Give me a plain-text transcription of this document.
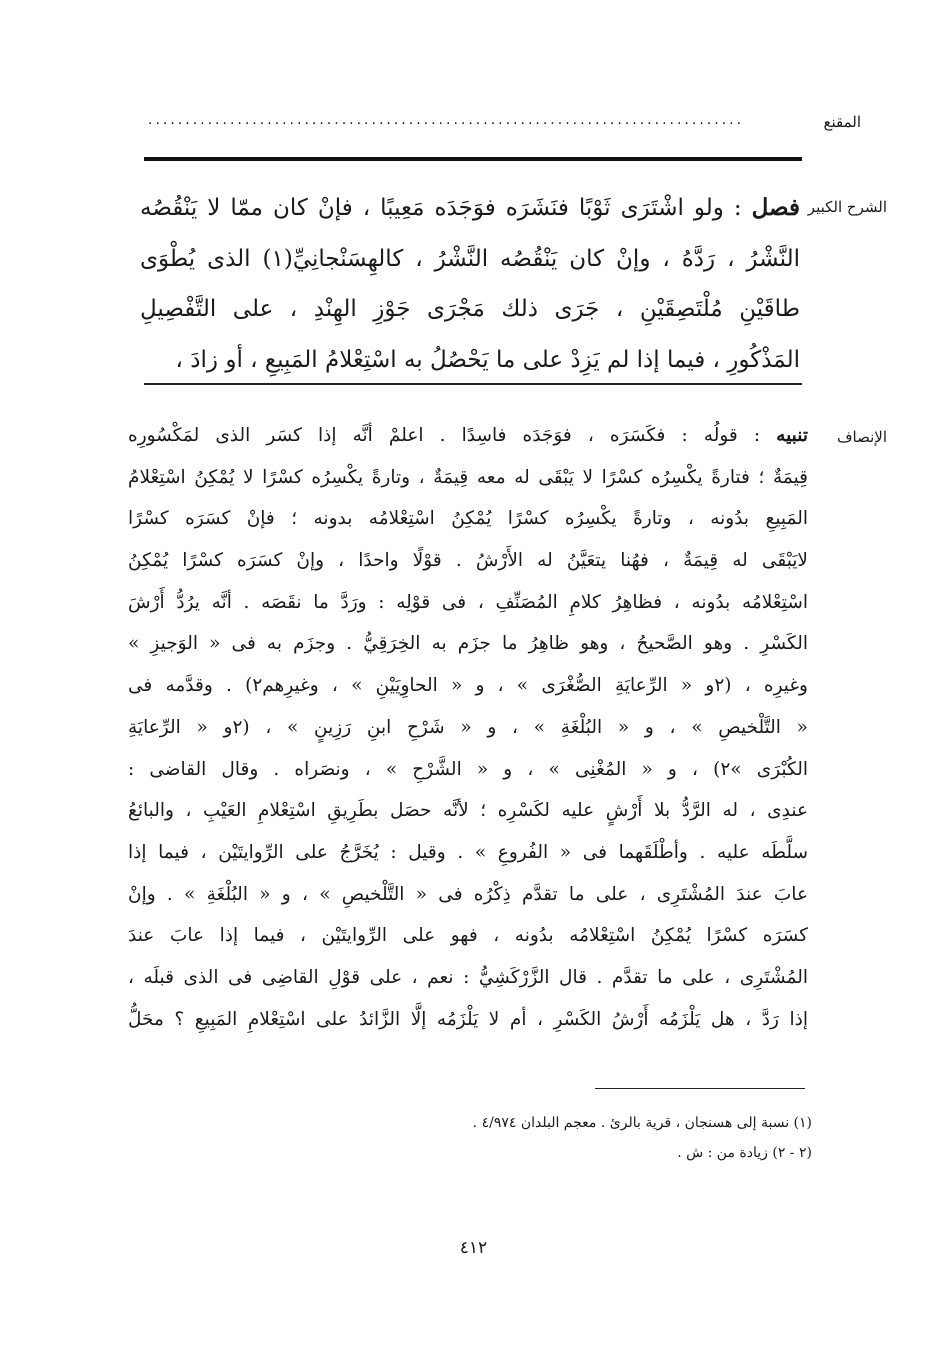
المقنع
................................................................................
الشرح الكبير
فصل : ولو اشْتَرَى ثَوْبًا فنَشَرَه فوَجَدَه مَعِيبًا ، فإنْ كان ممّا لا يَنْقُصُه
النَّشْرُ ، رَدَّهُ ، وإنْ كان يَنْقُصُه النَّشْرُ ، كالهِسَنْجانِيِّ(١) الذى يُطْوَى
طاقَيْنِ مُلْتَصِقَيْنِ ، جَرَى ذلك مَجْرَى جَوْزِ الهِنْدِ ، على التَّفْصِيلِ
المَذْكُورِ ، فيما إذا لم يَزِدْ على ما يَحْصُلُ به اسْتِعْلامُ المَبِيعِ ، أو زادَ ،
الإنصاف
تنبيه : قولُه : فكَسَرَه ، فوَجَدَه فاسِدًا . اعلمْ أنَّه إذا كسَر الذى لمَكْسُورِه
قِيمَةٌ ؛ فتارةً يكْسِرُه كسْرًا لا يَبْقَى له معه قِيمَةٌ ، وتارةً يكْسِرُه كسْرًا لا يُمْكِنُ اسْتِعْلامُ
المَبِيعِ بدُونه ، وتارةً يكْسِرُه كسْرًا يُمْكِنُ اسْتِعْلامُه بدونه ؛ فإنْ كسَرَه كسْرًا
لايَبْقَى له قِيمَةٌ ، فهُنا يتعَيَّنُ له الأَرْشُ . قوْلًا واحدًا ، وإنْ كسَرَه كسْرًا يُمْكِنُ
اسْتِعْلامُه بدُونه ، فظاهِرُ كلامِ المُصَنِّفِ ، فى قوْلِه : ورَدَّ ما نقَصَه . أنَّه يرُدُّ أَرْشَ
الكَسْرِ . وهو الصَّحيحُ ، وهو ظاهِرُ ما جزَم به الخِرَقِيُّ . وجزَم به فى « الوَجيزِ »
وغيرِه ، (٢و « الرِّعايَةِ الصُّغْرَى » ، و « الحاوِيَيْنِ » ، وغيرِهم٢) . وقدَّمه فى
« التَّلْخيصِ » ، و « البُلْغَةِ » ، و « شَرْحِ ابنِ رَزِينٍ » ، (٢و « الرِّعايَةِ
الكُبْرَى »٢) ، و « المُغْنِى » ، و « الشَّرْحِ » ، ونصَراه . وقال القاضى :
عندِى ، له الرَّدُّ بلا أَرْشٍ عليه لكَسْرِه ؛ لأنَّه حصَل بطَرِيقِ اسْتِعْلامِ العَيْبِ ، والبائعُ
سلَّطَه عليه . وأطْلَقَهما فى « الفُروعِ » . وقيل : يُخَرَّجُ على الرِّوايتَيْن ، فيما إذا
عابَ عندَ المُشْتَرِى ، على ما تقدَّم ذِكْرُه فى « التَّلْخيصِ » ، و « البُلْغَةِ » . وإنْ
كسَرَه كسْرًا يُمْكِنُ اسْتِعْلامُه بدُونه ، فهو على الرِّوايتَيْن ، فيما إذا عابَ عندَ
المُشْتَرِى ، على ما تقدَّم . قال الزَّرْكَشِيُّ : نعم ، على قوْلِ القاضِى فى الذى قبلَه ،
إذا رَدَّ ، هل يَلْزَمُه أَرْشُ الكَسْرِ ، أم لا يَلْزَمُه إلَّا الزَّائدُ على اسْتِعْلامِ المَبِيعِ ؟ محَلُّ
(١) نسبة إلى هسنجان ، قرية بالرئ . معجم البلدان ٤/٩٧٤ .
(٢ - ٢) زيادة من : ش .
٤١٢
